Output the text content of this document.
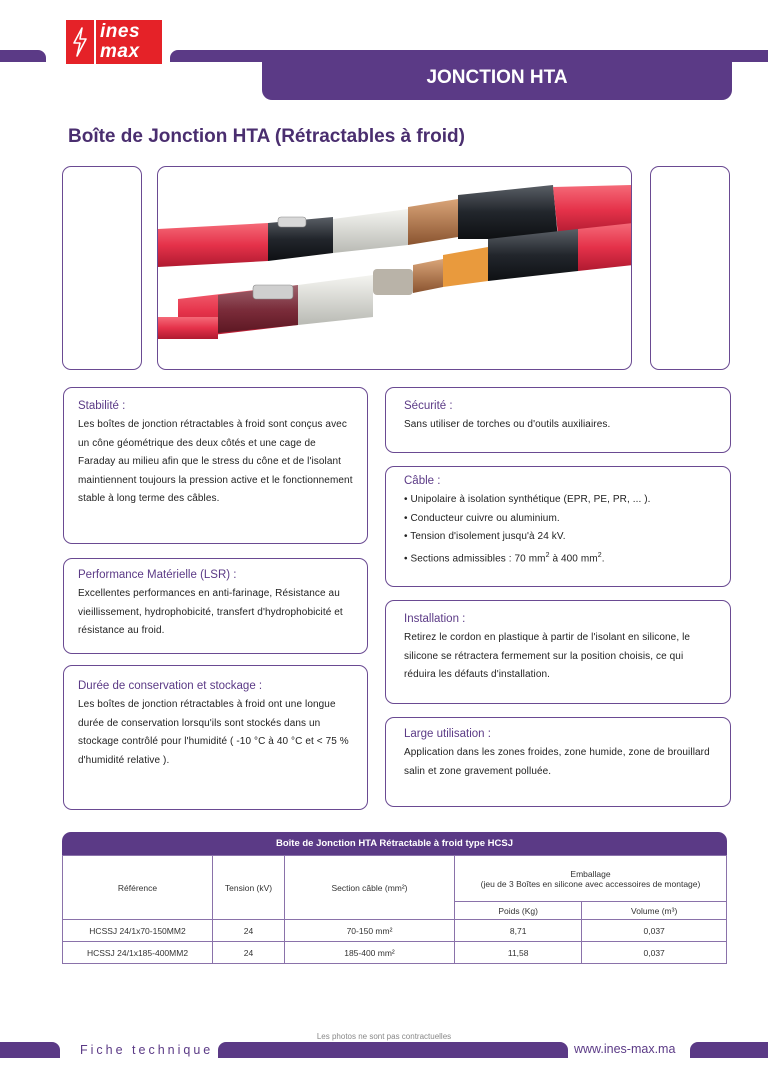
ines
max
JONCTION HTA
Boîte de Jonction HTA (Rétractables à froid)
Stabilité :

Les boîtes de jonction rétractables à froid sont conçus avec un cône géométrique des deux côtés et une cage de Faraday au milieu afin que le stress du cône et de l'isolant maintiennent toujours la pression active et le fonctionnement stable à long terme des câbles.

Performance Matérielle (LSR) :

Excellentes performances en anti-farinage, Résistance au vieillissement, hydrophobicité, transfert d'hydrophobicité et résistance au froid.

Durée de conservation et stockage :

Les boîtes de jonction rétractables à froid ont une longue durée de conservation lorsqu'ils sont stockés dans un stockage contrôlé pour l'humidité ( -10 °C à 40 °C et < 75 % d'humidité relative ).

Sécurité :

Sans utiliser de torches ou d'outils auxiliaires.

Câble :
• Unipolaire à isolation synthétique (EPR, PE, PR, ... ).
• Conducteur cuivre ou aluminium.
• Tension d'isolement jusqu'à 24 kV.
• Sections admissibles : 70 $mm^2$ à 400 $mm^2$.
Installation :

Retirez le cordon en plastique à partir de l'isolant en silicone, le silicone se rétractera fermement sur la position choisis, ce qui réduira les défauts d'installation.

Large utilisation :

Application dans les zones froides, zone humide, zone de brouillard salin et zone gravement polluée.

Boîte de Jonction HTA Rétractable à froid type HCSJ
Référence	Tension (kV)	Section câble (mm²)	Emballage
(jeu de 3 Boîtes en silicone avec accessoires de montage)	

			Poids (Kg)	Volume (m³)
HCSSJ 24/1x70-150MM2	24	70-150 mm²	8,71	0,037
HCSSJ 24/1x185-400MM2	24	185-400 mm²	11,58	0,037
Les photos ne sont pas contractuelles
Fiche technique	www.ines-max.ma
